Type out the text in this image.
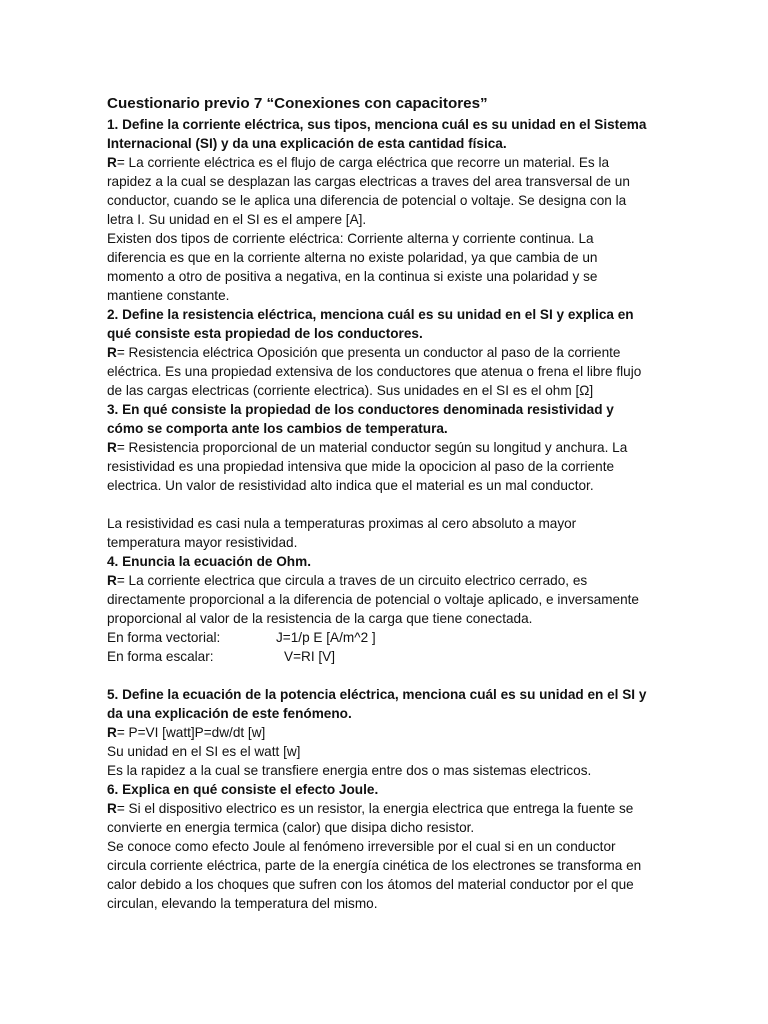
Cuestionario previo 7 “Conexiones con capacitores”
1. Define la corriente eléctrica, sus tipos, menciona cuál es su unidad en el Sistema Internacional (SI) y da una explicación de esta cantidad física.
R= La corriente eléctrica es el flujo de carga eléctrica que recorre un material. Es la rapidez a la cual se desplazan las cargas electricas a traves del area transversal de un conductor, cuando se le aplica una diferencia de potencial o voltaje. Se designa con la letra I. Su unidad en el SI es el ampere [A].
Existen dos tipos de corriente eléctrica: Corriente alterna y corriente continua. La diferencia es que en la corriente alterna no existe polaridad, ya que cambia de un momento a otro de positiva a negativa, en la continua si existe una polaridad y se mantiene constante.
2. Define la resistencia eléctrica, menciona cuál es su unidad en el SI y explica en qué consiste esta propiedad de los conductores.
R= Resistencia eléctrica Oposición que presenta un conductor al paso de la corriente eléctrica. Es una propiedad extensiva de los conductores que atenua o frena el libre flujo de las cargas electricas (corriente electrica). Sus unidades en el SI es el ohm [Ω]
3. En qué consiste la propiedad de los conductores denominada resistividad y cómo se comporta ante los cambios de temperatura.
R= Resistencia proporcional de un material conductor según su longitud y anchura. La resistividad es una propiedad intensiva que mide la opocicion al paso de la corriente electrica. Un valor de resistividad alto indica que el material es un mal conductor.
La resistividad es casi nula a temperaturas proximas al cero absoluto a mayor temperatura mayor resistividad.
4. Enuncia la ecuación de Ohm.
R= La corriente electrica que circula a traves de un circuito electrico cerrado, es directamente proporcional a la diferencia de potencial o voltaje aplicado, e inversamente proporcional al valor de la resistencia de la carga que tiene conectada.
En forma vectorial:	J=1/p E [A/m^2 ]
En forma escalar:	V=RI [V]
5. Define la ecuación de la potencia eléctrica, menciona cuál es su unidad en el SI y da una explicación de este fenómeno.
R= P=VI [watt]P=dw/dt [w]
Su unidad en el SI es el watt [w]
Es la rapidez a la cual se transfiere energia entre dos o mas sistemas electricos.
6. Explica en qué consiste el efecto Joule.
R= Si el dispositivo electrico es un resistor, la energia electrica que entrega la fuente se convierte en energia termica (calor) que disipa dicho resistor.
Se conoce como efecto Joule al fenómeno irreversible por el cual si en un conductor circula corriente eléctrica, parte de la energía cinética de los electrones se transforma en calor debido a los choques que sufren con los átomos del material conductor por el que circulan, elevando la temperatura del mismo.
